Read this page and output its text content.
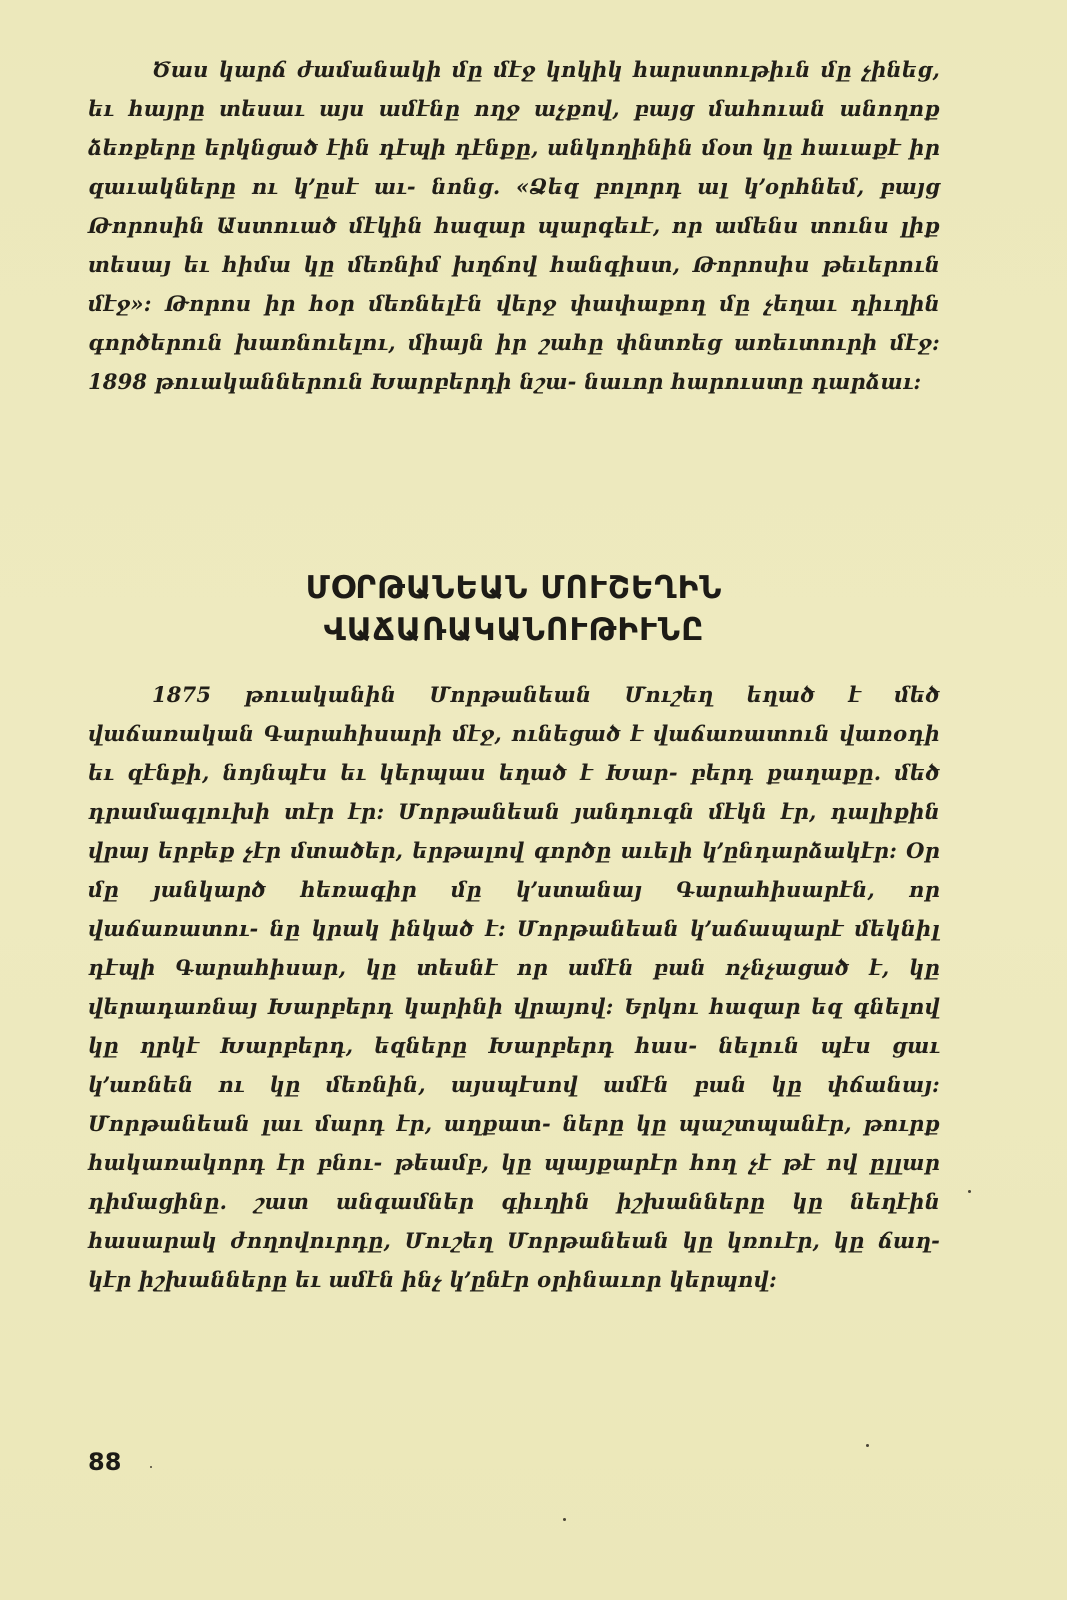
Ծաս կարճ ժամանակի մը մէջ կոկիկ հարստութիւն մը չինեց, եւ հայրը տեսաւ այս ամէնը ողջ աչքով, բայց մահուան անողոք ձեռքերը երկնցած էին դէպի դէնքը, անկողինին մօտ կը հաւաքէ իր զաւակները ու կ՚ըսէ աւ- նոնց. «Ձեզ բոլորդ ալ կ՚օրհնեմ, բայց Թորոսին Աստուած մէկին հազար պարգեւէ, որ ամենս տունս լիք տեսայ եւ հիմա կը մեռնիմ խղճով հանգիստ, Թորոսիս թեւերուն մէջ»: Թորոս իր հօր մեռնելէն վերջ փափաքող մը չեղաւ դիւղին գործերուն խառնուելու, միայն իր շահը փնտռեց առեւտուրի մէջ: 1898 թուականներուն Խարբերդի նշա- նաւոր հարուստը դարձաւ:

ՄՕՐԹԱՆԵԱՆ ՄՈՒՇԵՂԻՆ
ՎԱՃԱՌԱԿԱՆՈՒԹԻՒՆԸ

1875 թուականին Մորթանեան Մուշեղ եղած է մեծ վաճառական Գարահիսարի մէջ, ունեցած է վաճառատուն վառօդի եւ զէնքի, նոյնպէս եւ կերպաս եղած է Խար- բերդ քաղաքը. մեծ դրամագլուխի տէր էր: Մորթանեան յանդուգն մէկն էր, դալիքին վրայ երբեք չէր մտածեր, երթալով գործը աւելի կ՚ընդարձակէր: Օր մը յանկարծ հեռագիր մը կ՚ստանայ Գարահիսարէն, որ վաճառատու- նը կրակ ինկած է: Մորթանեան կ՚աճապարէ մեկնիլ դէպի Գարահիսար, կը տեսնէ որ ամէն բան ոչնչացած է, կը վերադառնայ Խարբերդ կարինի վրայով: Երկու հազար եզ գնելով կը ղրկէ Խարբերդ, եզները Խարբերդ հաս- նելուն պէս ցաւ կ՚առնեն ու կը մեռնին, այսպէսով ամէն բան կը փճանայ: Մորթանեան լաւ մարդ էր, աղքատ- ները կը պաշտպանէր, թուրք հակառակորդ էր բնու- թեամբ, կը պայքարէր հող չէ թէ ով ըլլար դիմացինը. շատ անգամներ գիւղին իշխանները կը նեղէին հասարակ ժողովուրդը, Մուշեղ Մորթանեան կը կռուէր, կը ճաղ- կէր իշխանները եւ ամէն ինչ կ՚ընէր օրինաւոր կերպով:

88
